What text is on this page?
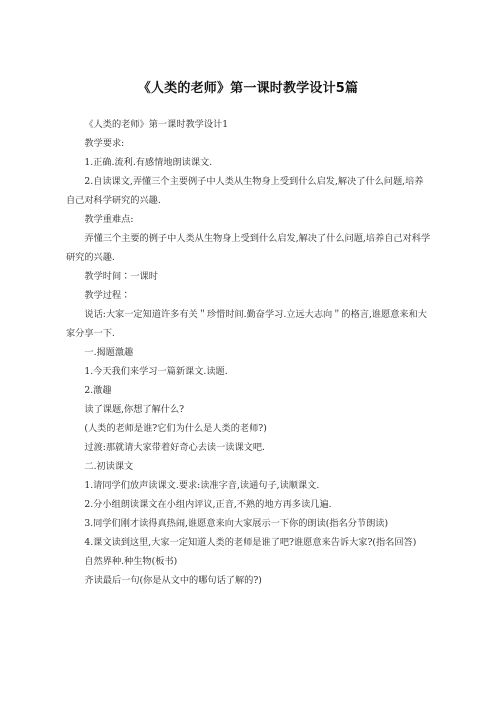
《人类的老师》第一课时教学设计5篇

《人类的老师》第一课时教学设计1

教学要求:

1.正确.流利.有感情地朗读课文.

2.自读课文,弄懂三个主要例子中人类从生物身上受到什么启发,解决了什么问题,培养自己对科学研究的兴趣.

教学重难点:

弄懂三个主要的例子中人类从生物身上受到什么启发,解决了什么问题,培养自己对科学研究的兴趣.

教学时间∶一课时

教学过程∶

说话:大家一定知道许多有关＂珍惜时间.勤奋学习.立远大志向＂的格言,谁愿意来和大家分享一下.

一.揭题激趣

1.今天我们来学习一篇新课文.读题.

2.激趣

读了课题,你想了解什么?

(人类的老师是谁?它们为什么是人类的老师?)

过渡:那就请大家带着好奇心去读一读课文吧.

二.初读课文

1.请同学们放声读课文.要求:读准字音,读通句子,读顺课文.

2.分小组朗读课文在小组内评议,正音,不熟的地方再多读几遍.

3.同学们刚才读得真热闹,谁愿意来向大家展示一下你的朗读(指名分节朗读)

4.课文读到这里,大家一定知道人类的老师是谁了吧?谁愿意来告诉大家?(指名回答)

自然界种.种生物(板书)

齐读最后一句(你是从文中的哪句话了解的?)
